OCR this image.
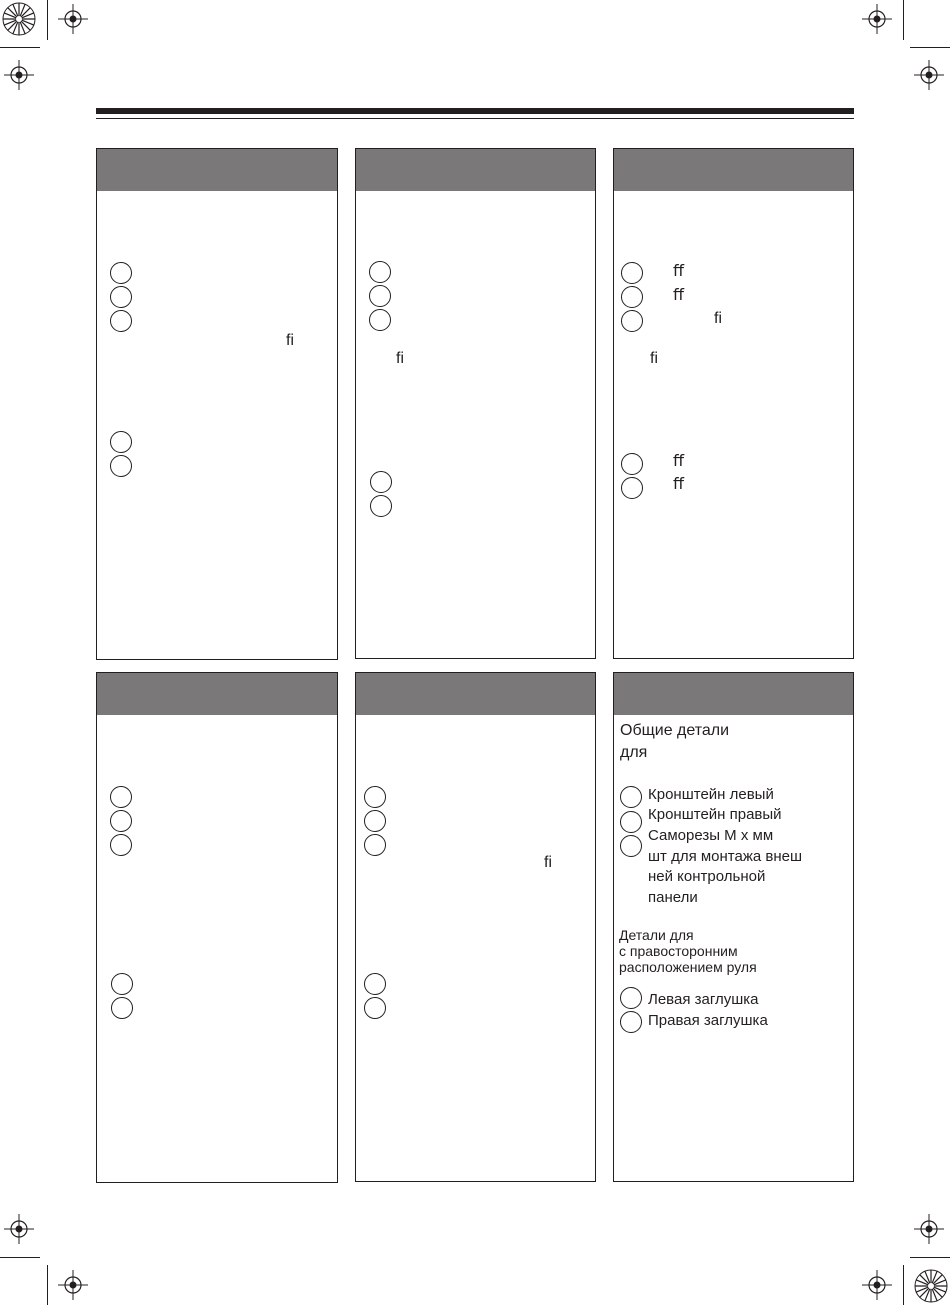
ﬁ
ﬁ
ﬀ
ﬀ
ﬁ
ﬁ
ﬀ
ﬀ
ﬁ
Общие детали
для
Кронштейн левый
Кронштейн правый
Саморезы М х мм
шт для монтажа внеш
ней контрольной
панели
Детали для
с правосторонним
расположением руля
Левая заглушка
Правая заглушка
